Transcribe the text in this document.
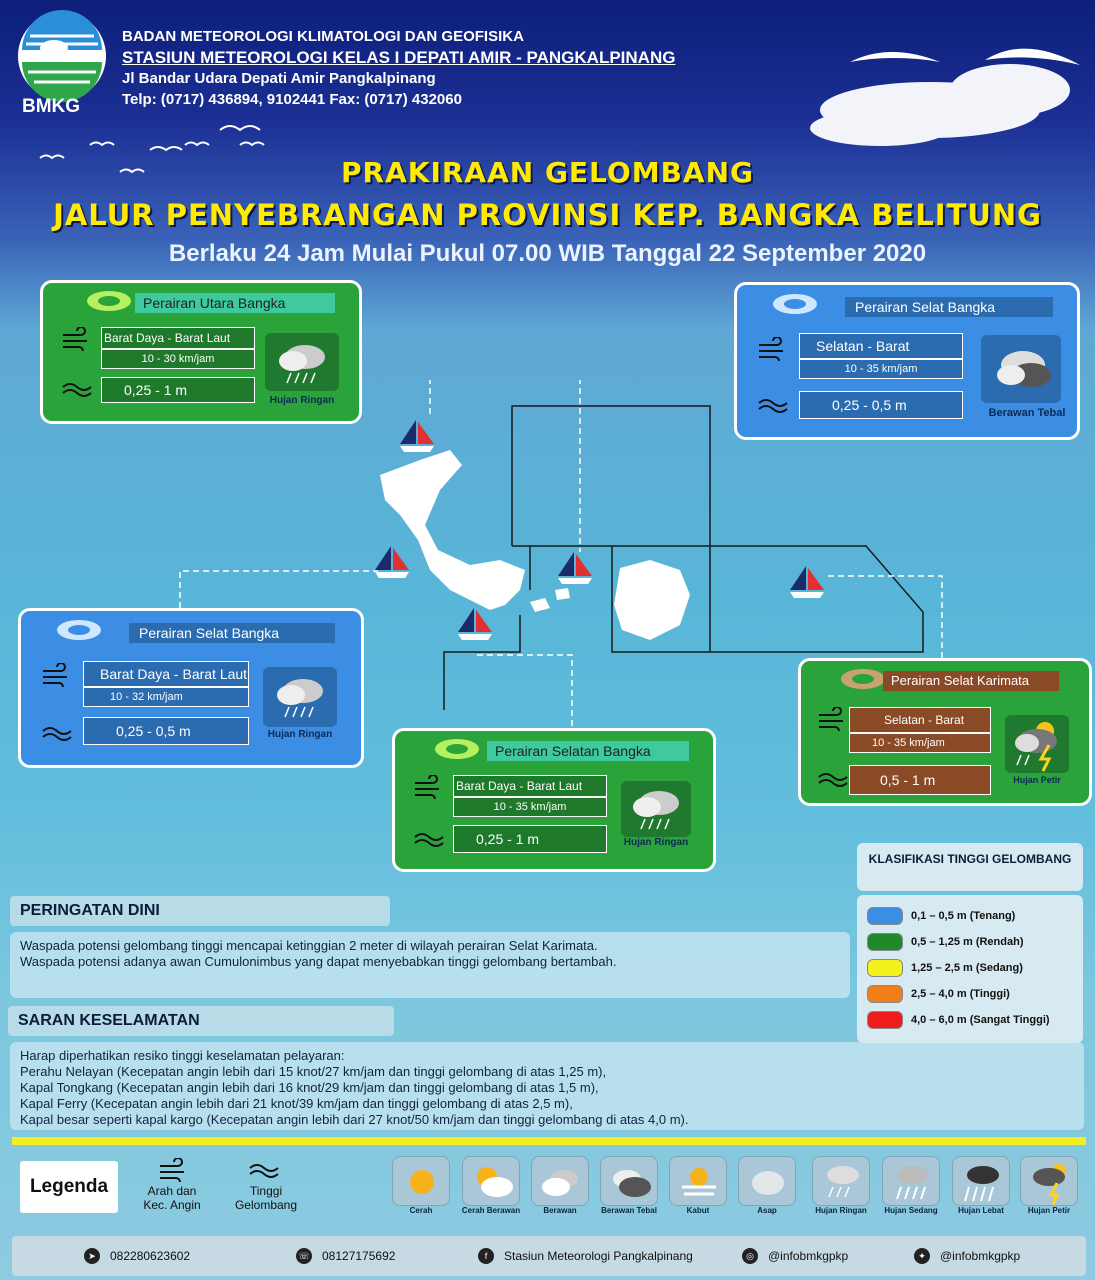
BMKG
BADAN METEOROLOGI KLIMATOLOGI DAN GEOFISIKA
STASIUN METEOROLOGI KELAS I DEPATI AMIR - PANGKALPINANG
Jl Bandar Udara Depati Amir Pangkalpinang
Telp: (0717) 436894, 9102441 Fax: (0717) 432060
PRAKIRAAN GELOMBANG
JALUR PENYEBRANGAN PROVINSI KEP. BANGKA BELITUNG
Berlaku 24 Jam Mulai Pukul 07.00 WIB Tanggal 22 September 2020
Perairan Utara Bangka
Barat Daya - Barat Laut
10 - 30 km/jam
0,25 - 1 m
Hujan Ringan
Perairan Selat Bangka
Selatan - Barat
10 - 35 km/jam
0,25 - 0,5 m	Berawan Tebal
Perairan Selat Bangka
Barat Daya - Barat Laut
10 - 32 km/jam
0,25 - 0,5 m	Hujan Ringan
Perairan Selatan Bangka
Barat Daya - Barat Laut
10 - 35 km/jam
0,25 - 1 m	Hujan Ringan
Perairan Selat Karimata
Selatan - Barat
10 - 35 km/jam
0,5 - 1 m	Hujan Petir
PERINGATAN DINI
Waspada potensi gelombang tinggi mencapai ketinggian 2 meter di wilayah perairan Selat Karimata.
Waspada potensi adanya awan Cumulonimbus yang dapat menyebabkan tinggi gelombang bertambah.
SARAN KESELAMATAN
Harap diperhatikan resiko tinggi keselamatan pelayaran:
Perahu Nelayan (Kecepatan angin lebih dari 15 knot/27 km/jam dan tinggi gelombang di atas 1,25 m),
Kapal Tongkang (Kecepatan angin lebih dari 16 knot/29 km/jam dan tinggi gelombang di atas 1,5 m),
Kapal Ferry (Kecepatan angin lebih dari 21 knot/39 km/jam dan tinggi gelombang di atas 2,5 m),
Kapal besar seperti kapal kargo (Kecepatan angin lebih dari 27 knot/50 km/jam dan tinggi gelombang di atas 4,0 m).
KLASIFIKASI TINGGI GELOMBANG
0,1 – 0,5 m (Tenang)
0,5 – 1,25 m (Rendah)
1,25 – 2,5 m (Sedang)
2,5 – 4,0 m (Tinggi)
4,0 – 6,0 m (Sangat Tinggi)
Legenda	Arah dan Kec. Angin
Tinggi Gelombang	Cerah	Cerah Berawan	Berawan	Berawan Tebal	Kabut	Asap	Hujan Ringan	Hujan Sedang	Hujan Lebat	Hujan Petir
➤	082280623602	☏ 08127175692	f	Stasiun Meteorologi Pangkalpinang	◎	@infobmkgpkp	✦	@infobmkgpkp
